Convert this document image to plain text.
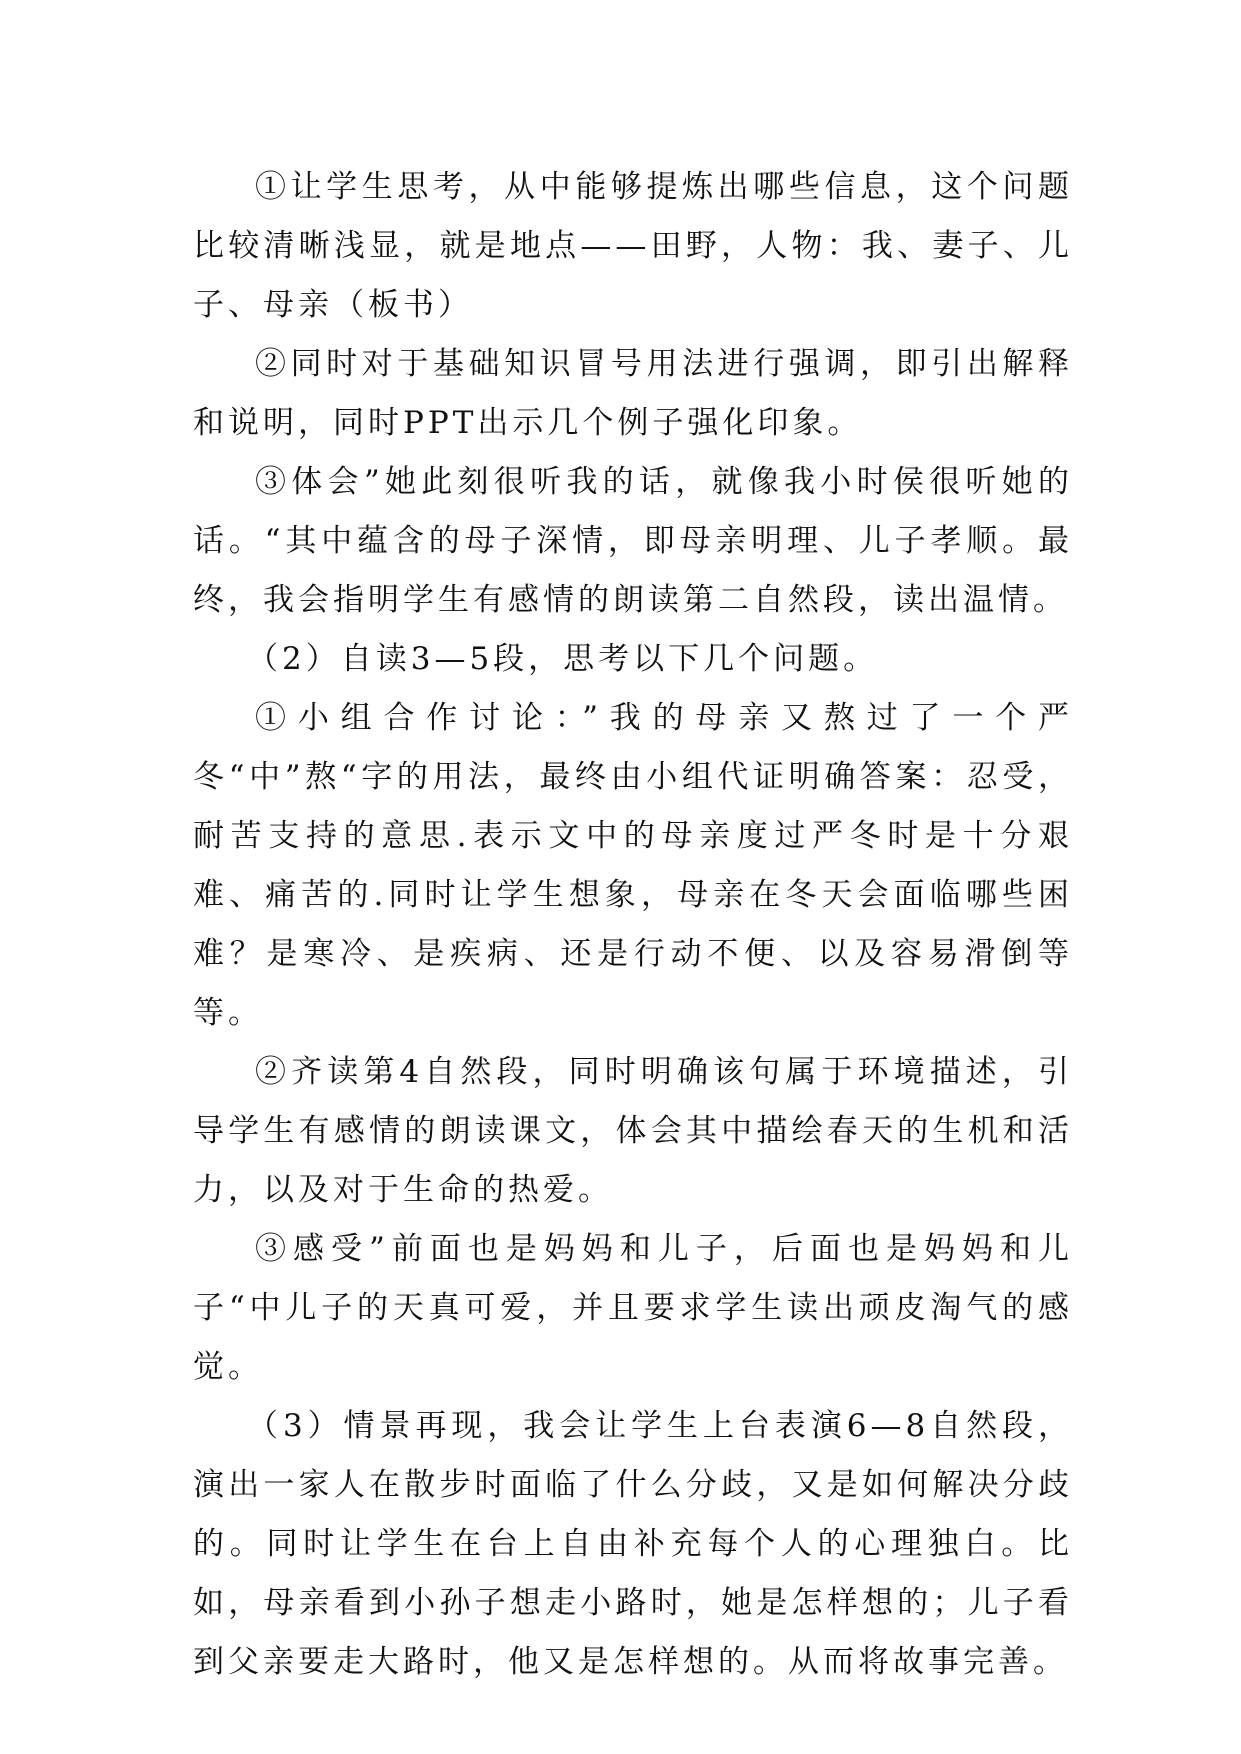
①让学生思考，从中能够提炼出哪些信息，这个问题比较清晰浅显，就是地点——田野，人物：我、妻子、儿子、母亲（板书）

②同时对于基础知识冒号用法进行强调，即引出解释和说明，同时PPT出示几个例子强化印象。

③体会”她此刻很听我的话，就像我小时侯很听她的话。“其中蕴含的母子深情，即母亲明理、儿子孝顺。最终，我会指明学生有感情的朗读第二自然段，读出温情。

（2）自读3—5段，思考以下几个问题。

①小组合作讨论：”我的母亲又熬过了一个严冬“中”熬“字的用法，最终由小组代证明确答案：忍受，耐苦支持的意思.表示文中的母亲度过严冬时是十分艰难、痛苦的.同时让学生想象，母亲在冬天会面临哪些困难？是寒冷、是疾病、还是行动不便、以及容易滑倒等等。

②齐读第4自然段，同时明确该句属于环境描述，引导学生有感情的朗读课文，体会其中描绘春天的生机和活力，以及对于生命的热爱。

③感受”前面也是妈妈和儿子，后面也是妈妈和儿子“中儿子的天真可爱，并且要求学生读出顽皮淘气的感觉。

（3）情景再现，我会让学生上台表演6—8自然段，演出一家人在散步时面临了什么分歧，又是如何解决分歧的。同时让学生在台上自由补充每个人的心理独白。比如，母亲看到小孙子想走小路时，她是怎样想的；儿子看到父亲要走大路时，他又是怎样想的。从而将故事完善。
